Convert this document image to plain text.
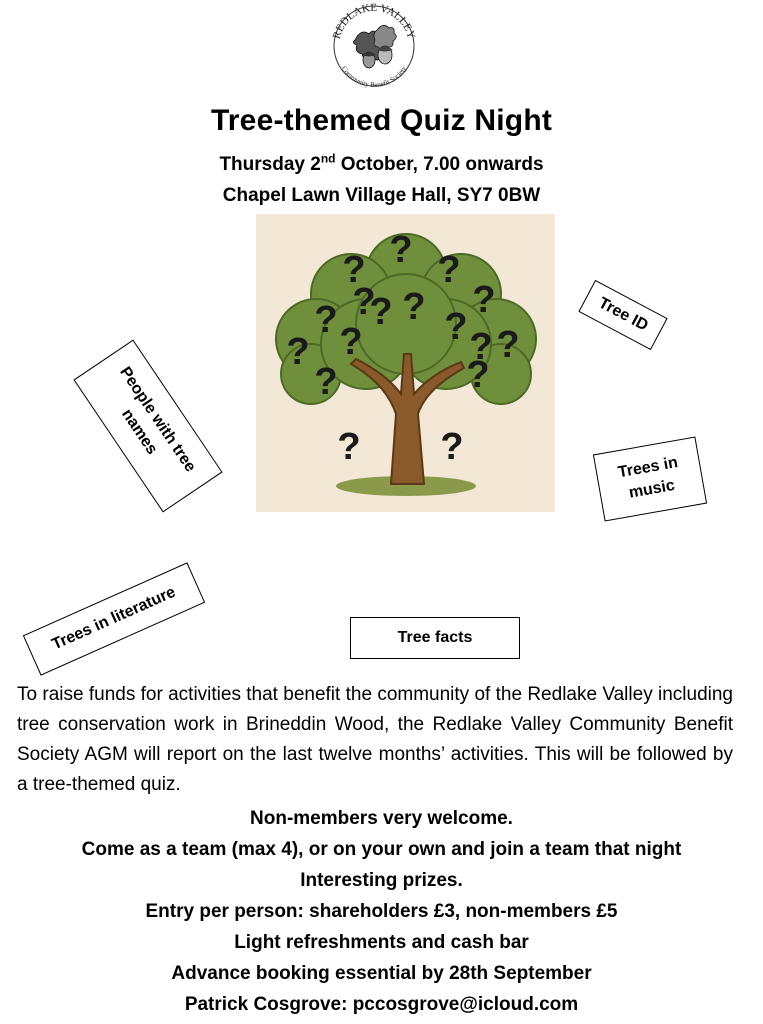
REDLAKE VALLEY
Community Benefit Society
Tree-themed Quiz Night
Thursday 2nd October, 7.00 onwards
Chapel Lawn Village Hall, SY7 0BW
?
? ?
? ? ?
? ? ?
?
?	? ?
?	?
? ?
People with tree names
Tree ID
Trees in music
Trees in literature	Tree facts

To raise funds for activities that benefit the community of the Redlake Valley including tree conservation work in Brineddin Wood, the Redlake Valley Community Benefit Society AGM will report on the last twelve months’ activities. This will be followed by a tree-themed quiz.

Non-members very welcome.
Come as a team (max 4), or on your own and join a team that night
Interesting prizes.
Entry per person: shareholders £3, non-members £5
Light refreshments and cash bar
Advance booking essential by 28th September
Patrick Cosgrove: pccosgrove@icloud.com
